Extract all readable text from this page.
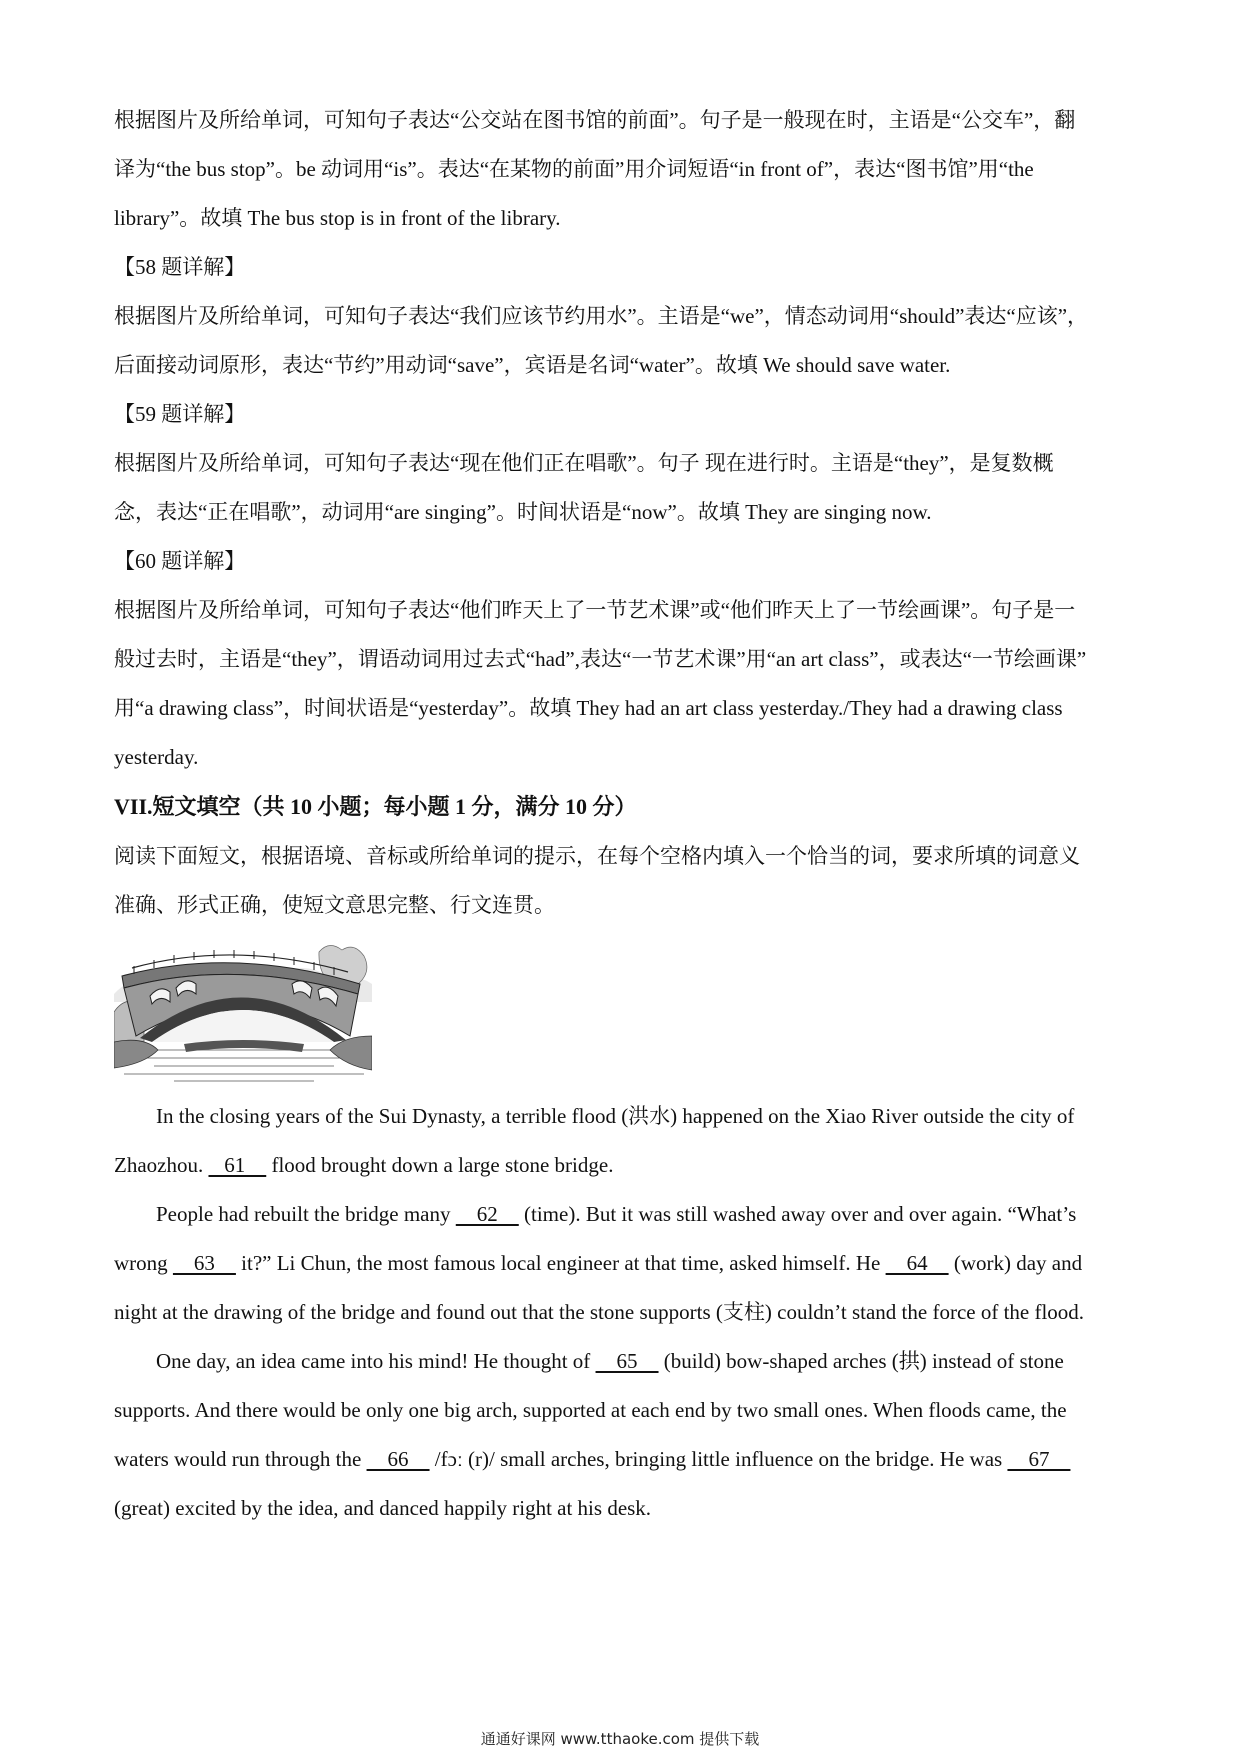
根据图片及所给单词，可知句子表达“公交站在图书馆的前面”。句子是一般现在时，主语是“公交车”，翻
译为“the bus stop”。be 动词用“is”。表达“在某物的前面”用介词短语“in front of”，表达“图书馆”用“the
library”。故填 The bus stop is in front of the library.
【58 题详解】
根据图片及所给单词，可知句子表达“我们应该节约用水”。主语是“we”，情态动词用“should”表达“应该”，
后面接动词原形，表达“节约”用动词“save”，宾语是名词“water”。故填 We should save water.
【59 题详解】
根据图片及所给单词，可知句子表达“现在他们正在唱歌”。句子 现在进行时。主语是“they”，是复数概
念，表达“正在唱歌”，动词用“are singing”。时间状语是“now”。故填 They are singing now.
【60 题详解】
根据图片及所给单词，可知句子表达“他们昨天上了一节艺术课”或“他们昨天上了一节绘画课”。句子是一
般过去时，主语是“they”，谓语动词用过去式“had”,表达“一节艺术课”用“an art class”，或表达“一节绘画课”
用“a drawing class”，时间状语是“yesterday”。故填 They had an art class yesterday./They had a drawing class
yesterday.
VII.短文填空（共 10 小题；每小题 1 分，满分 10 分）
阅读下面短文，根据语境、音标或所给单词的提示，在每个空格内填入一个恰当的词，要求所填的词意义
准确、形式正确，使短文意思完整、行文连贯。

In the closing years of the Sui Dynasty, a terrible flood (洪水) happened on the Xiao River outside the city of Zhaozhou.    61     flood brought down a large stone bridge.

People had rebuilt the bridge many     62     (time). But it was still washed away over and over again. “What’s wrong     63     it?” Li Chun, the most famous local engineer at that time, asked himself. He     64     (work) day and night at the drawing of the bridge and found out that the stone supports (支柱) couldn’t stand the force of the flood.

One day, an idea came into his mind! He thought of     65     (build) bow-shaped arches (拱) instead of stone supports. And there would be only one big arch, supported at each end by two small ones. When floods came, the waters would run through the     66     /fɔː (r)/ small arches, bringing little influence on the bridge. He was     67     (great) excited by the idea, and danced happily right at his desk.

通通好课网 www.tthaoke.com 提供下载
